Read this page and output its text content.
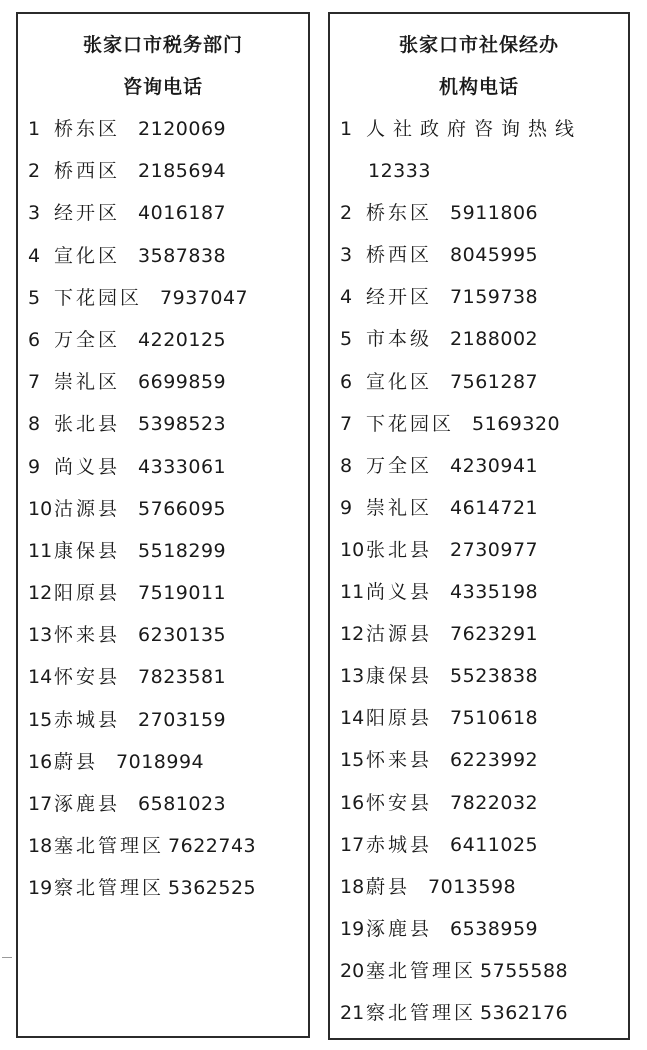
张家口市税务部门
咨询电话
1 桥东区 2120069
2 桥西区 2185694
3 经开区 4016187
4 宣化区 3587838
5 下花园区 7937047
6 万全区 4220125
7 崇礼区 6699859
8 张北县 5398523
9 尚义县 4333061
10沽源县 5766095
11康保县 5518299
12阳原县 7519011
13怀来县 6230135
14怀安县 7823581
15赤城县 2703159
16蔚县 7018994
17涿鹿县 6581023
18塞北管理区 7622743
19察北管理区 5362525
张家口市社保经办
机构电话
1 人社政府咨询热线
12333
2 桥东区 5911806
3 桥西区 8045995
4 经开区 7159738
5 市本级 2188002
6 宣化区 7561287
7 下花园区 5169320
8 万全区 4230941
9 崇礼区 4614721
10张北县 2730977
11尚义县 4335198
12沽源县 7623291
13康保县 5523838
14阳原县 7510618
15怀来县 6223992
16怀安县 7822032
17赤城县 6411025
18蔚县 7013598
19涿鹿县 6538959
20塞北管理区 5755588
21察北管理区 5362176
